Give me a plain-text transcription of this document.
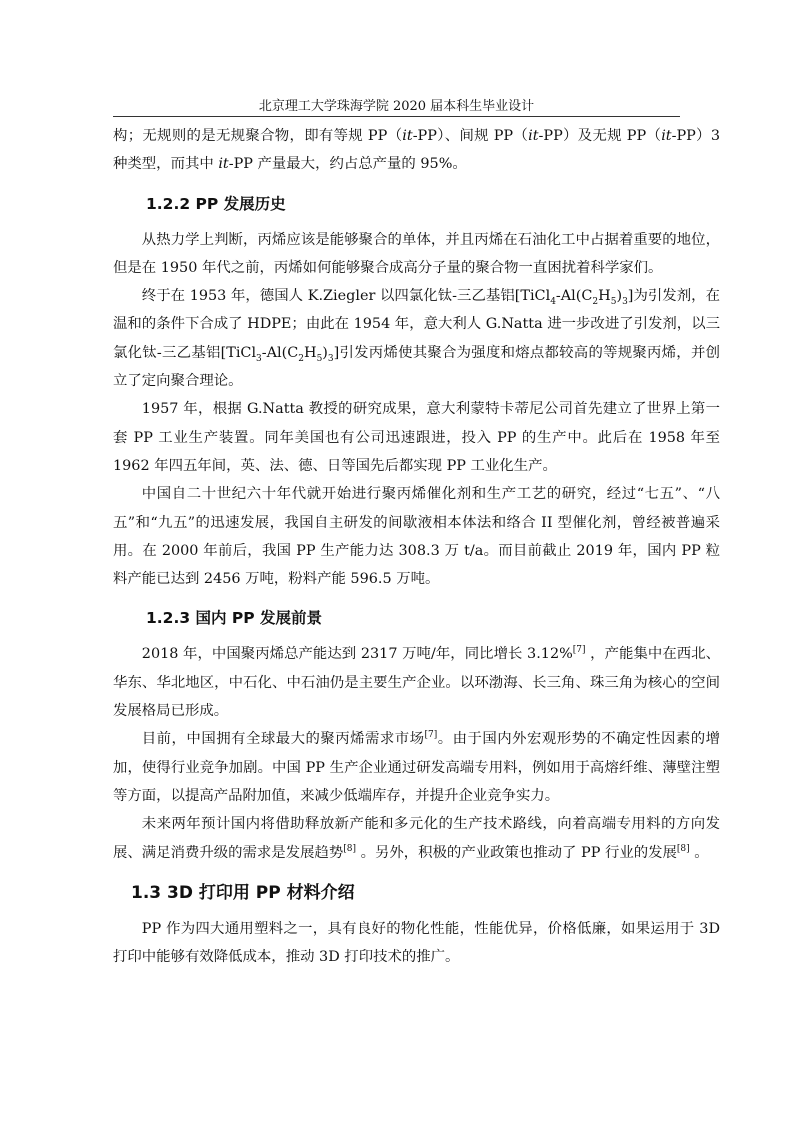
北京理工大学珠海学院 2020 届本科生毕业设计

构；无规则的是无规聚合物，即有等规 PP（it-PP）、间规 PP（it-PP）及无规 PP（it-PP）3 种类型，而其中 it-PP 产量最大，约占总产量的 95%。

1.2.2 PP 发展历史

从热力学上判断，丙烯应该是能够聚合的单体，并且丙烯在石油化工中占据着重要的地位，但是在 1950 年代之前，丙烯如何能够聚合成高分子量的聚合物一直困扰着科学家们。

终于在 1953 年，德国人 K.Ziegler 以四氯化钛-三乙基铝$[TiCl_4-Al(C_2H_5)_3]$为引发剂，在温和的条件下合成了 HDPE；由此在 1954 年，意大利人 G.Natta 进一步改进了引发剂，以三氯化钛-三乙基铝$[TiCl_3-Al(C_2H_5)_3]$引发丙烯使其聚合为强度和熔点都较高的等规聚丙烯，并创立了定向聚合理论。

1957 年，根据 G.Natta 教授的研究成果，意大利蒙特卡蒂尼公司首先建立了世界上第一套 PP 工业生产装置。同年美国也有公司迅速跟进，投入 PP 的生产中。此后在 1958 年至 1962 年四五年间，英、法、德、日等国先后都实现 PP 工业化生产。

中国自二十世纪六十年代就开始进行聚丙烯催化剂和生产工艺的研究，经过“七五”、“八五”和“九五”的迅速发展，我国自主研发的间歇液相本体法和络合 II 型催化剂，曾经被普遍采用。在 2000 年前后，我国 PP 生产能力达 308.3 万 t/a。而目前截止 2019 年，国内 PP 粒料产能已达到 2456 万吨，粉料产能 596.5 万吨。

1.2.3 国内 PP 发展前景

2018 年，中国聚丙烯总产能达到 2317 万吨/年，同比增长 3.12%[7] ，产能集中在西北、华东、华北地区，中石化、中石油仍是主要生产企业。以环渤海、长三角、珠三角为核心的空间发展格局已形成。

目前，中国拥有全球最大的聚丙烯需求市场[7]。由于国内外宏观形势的不确定性因素的增加，使得行业竞争加剧。中国 PP 生产企业通过研发高端专用料，例如用于高熔纤维、薄壁注塑等方面，以提高产品附加值，来减少低端库存，并提升企业竞争实力。

未来两年预计国内将借助释放新产能和多元化的生产技术路线，向着高端专用料的方向发展、满足消费升级的需求是发展趋势[8] 。另外，积极的产业政策也推动了 PP 行业的发展[8] 。

1.3 3D 打印用 PP 材料介绍

PP 作为四大通用塑料之一，具有良好的物化性能，性能优异，价格低廉，如果运用于 3D 打印中能够有效降低成本，推动 3D 打印技术的推广。
